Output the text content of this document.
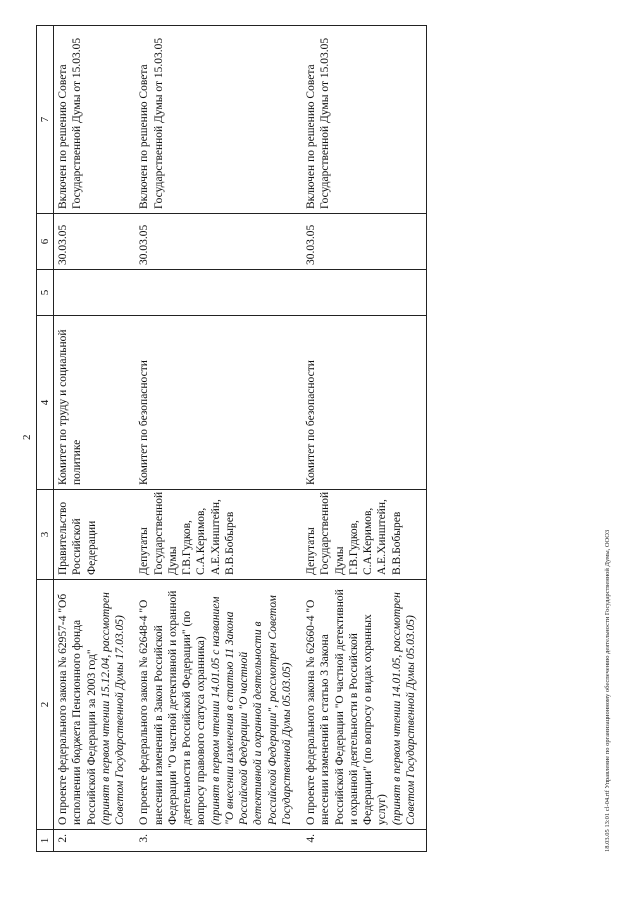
2
1	2	3	4	5	6	7
2.	О проекте федерального закона № 62957-4 "Об исполнении бюджета Пенсионного фонда Российской Федерации за 2003 год" (принят в первом чтении 15.12.04, рассмотрен Советом Государственной Думы 17.03.05)	Правительство Российской Федерации	Комитет по труду и социальной политике		30.03.05	Включен по решению Совета Государственной Думы от 15.03.05
3.	О проекте федерального закона № 62648-4 "О внесении изменений в Закон Российской Федерации "О частной детективной и охранной деятельности в Российской Федерации" (по вопросу правового статуса охранника) (принят в первом чтении 14.01.05 с названием "О внесении изменения в статью 11 Закона Российской Федерации "О частной детективной и охранной деятельности в Российской Федерации", рассмотрен Советом Государственной Думы 05.03.05)	Депутаты Государственной Думы Г.В.Гудков, С.А.Керимов, А.Е.Хинштейн, В.В.Бобырев	Комитет по безопасности		30.03.05	Включен по решению Совета Государственной Думы от 15.03.05
4.	О проекте федерального закона № 62660-4 "О внесении изменений в статью 3 Закона Российской Федерации "О частной детективной и охранной деятельности в Российской Федерации" (по вопросу о видах охранных услуг) (принят в первом чтении 14.01.05, рассмотрен Советом Государственной Думы 05.03.05)	Депутаты Государственной Думы Г.В.Гудков, С.А.Керимов, А.Е.Хинштейн, В.В.Бобырев	Комитет по безопасности		30.03.05	Включен по решению Совета Государственной Думы от 15.03.05
18.03.05 13:01 cl-04.rtf Управление по организационному обеспечению деятельности Государственной Думы, ООО3
